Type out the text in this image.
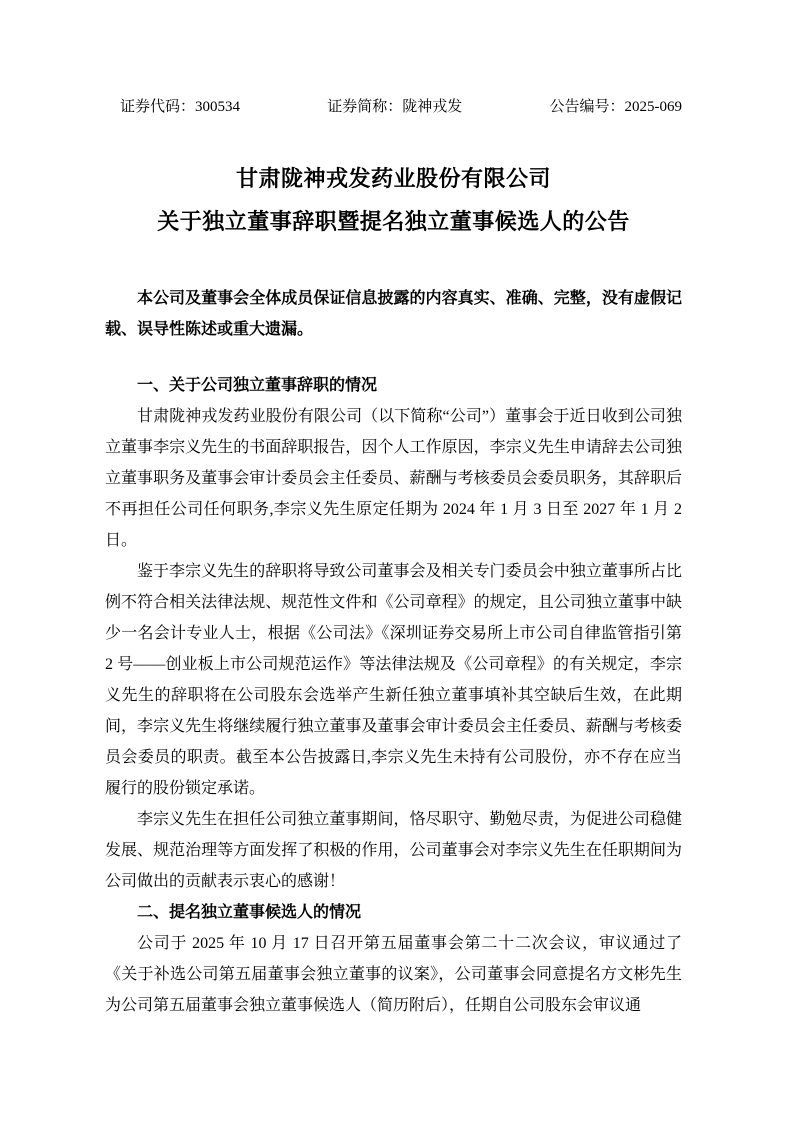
证券代码：300534	证券简称：陇神戎发	公告编号：2025-069
甘肃陇神戎发药业股份有限公司
关于独立董事辞职暨提名独立董事候选人的公告

本公司及董事会全体成员保证信息披露的内容真实、准确、完整，没有虚假记载、误导性陈述或重大遗漏。

一、关于公司独立董事辞职的情况

甘肃陇神戎发药业股份有限公司（以下简称“公司”）董事会于近日收到公司独立董事李宗义先生的书面辞职报告，因个人工作原因，李宗义先生申请辞去公司独立董事职务及董事会审计委员会主任委员、薪酬与考核委员会委员职务，其辞职后不再担任公司任何职务,李宗义先生原定任期为 2024 年 1 月 3 日至 2027 年 1 月 2 日。

鉴于李宗义先生的辞职将导致公司董事会及相关专门委员会中独立董事所占比例不符合相关法律法规、规范性文件和《公司章程》的规定，且公司独立董事中缺少一名会计专业人士，根据《公司法》《深圳证券交易所上市公司自律监管指引第 2 号——创业板上市公司规范运作》等法律法规及《公司章程》的有关规定，李宗义先生的辞职将在公司股东会选举产生新任独立董事填补其空缺后生效，在此期间，李宗义先生将继续履行独立董事及董事会审计委员会主任委员、薪酬与考核委员会委员的职责。截至本公告披露日,李宗义先生未持有公司股份，亦不存在应当履行的股份锁定承诺。

李宗义先生在担任公司独立董事期间，恪尽职守、勤勉尽责，为促进公司稳健发展、规范治理等方面发挥了积极的作用，公司董事会对李宗义先生在任职期间为公司做出的贡献表示衷心的感谢！

二、提名独立董事候选人的情况

公司于 2025 年 10 月 17 日召开第五届董事会第二十二次会议，审议通过了《关于补选公司第五届董事会独立董事的议案》，公司董事会同意提名方文彬先生为公司第五届董事会独立董事候选人（简历附后），任期自公司股东会审议通
